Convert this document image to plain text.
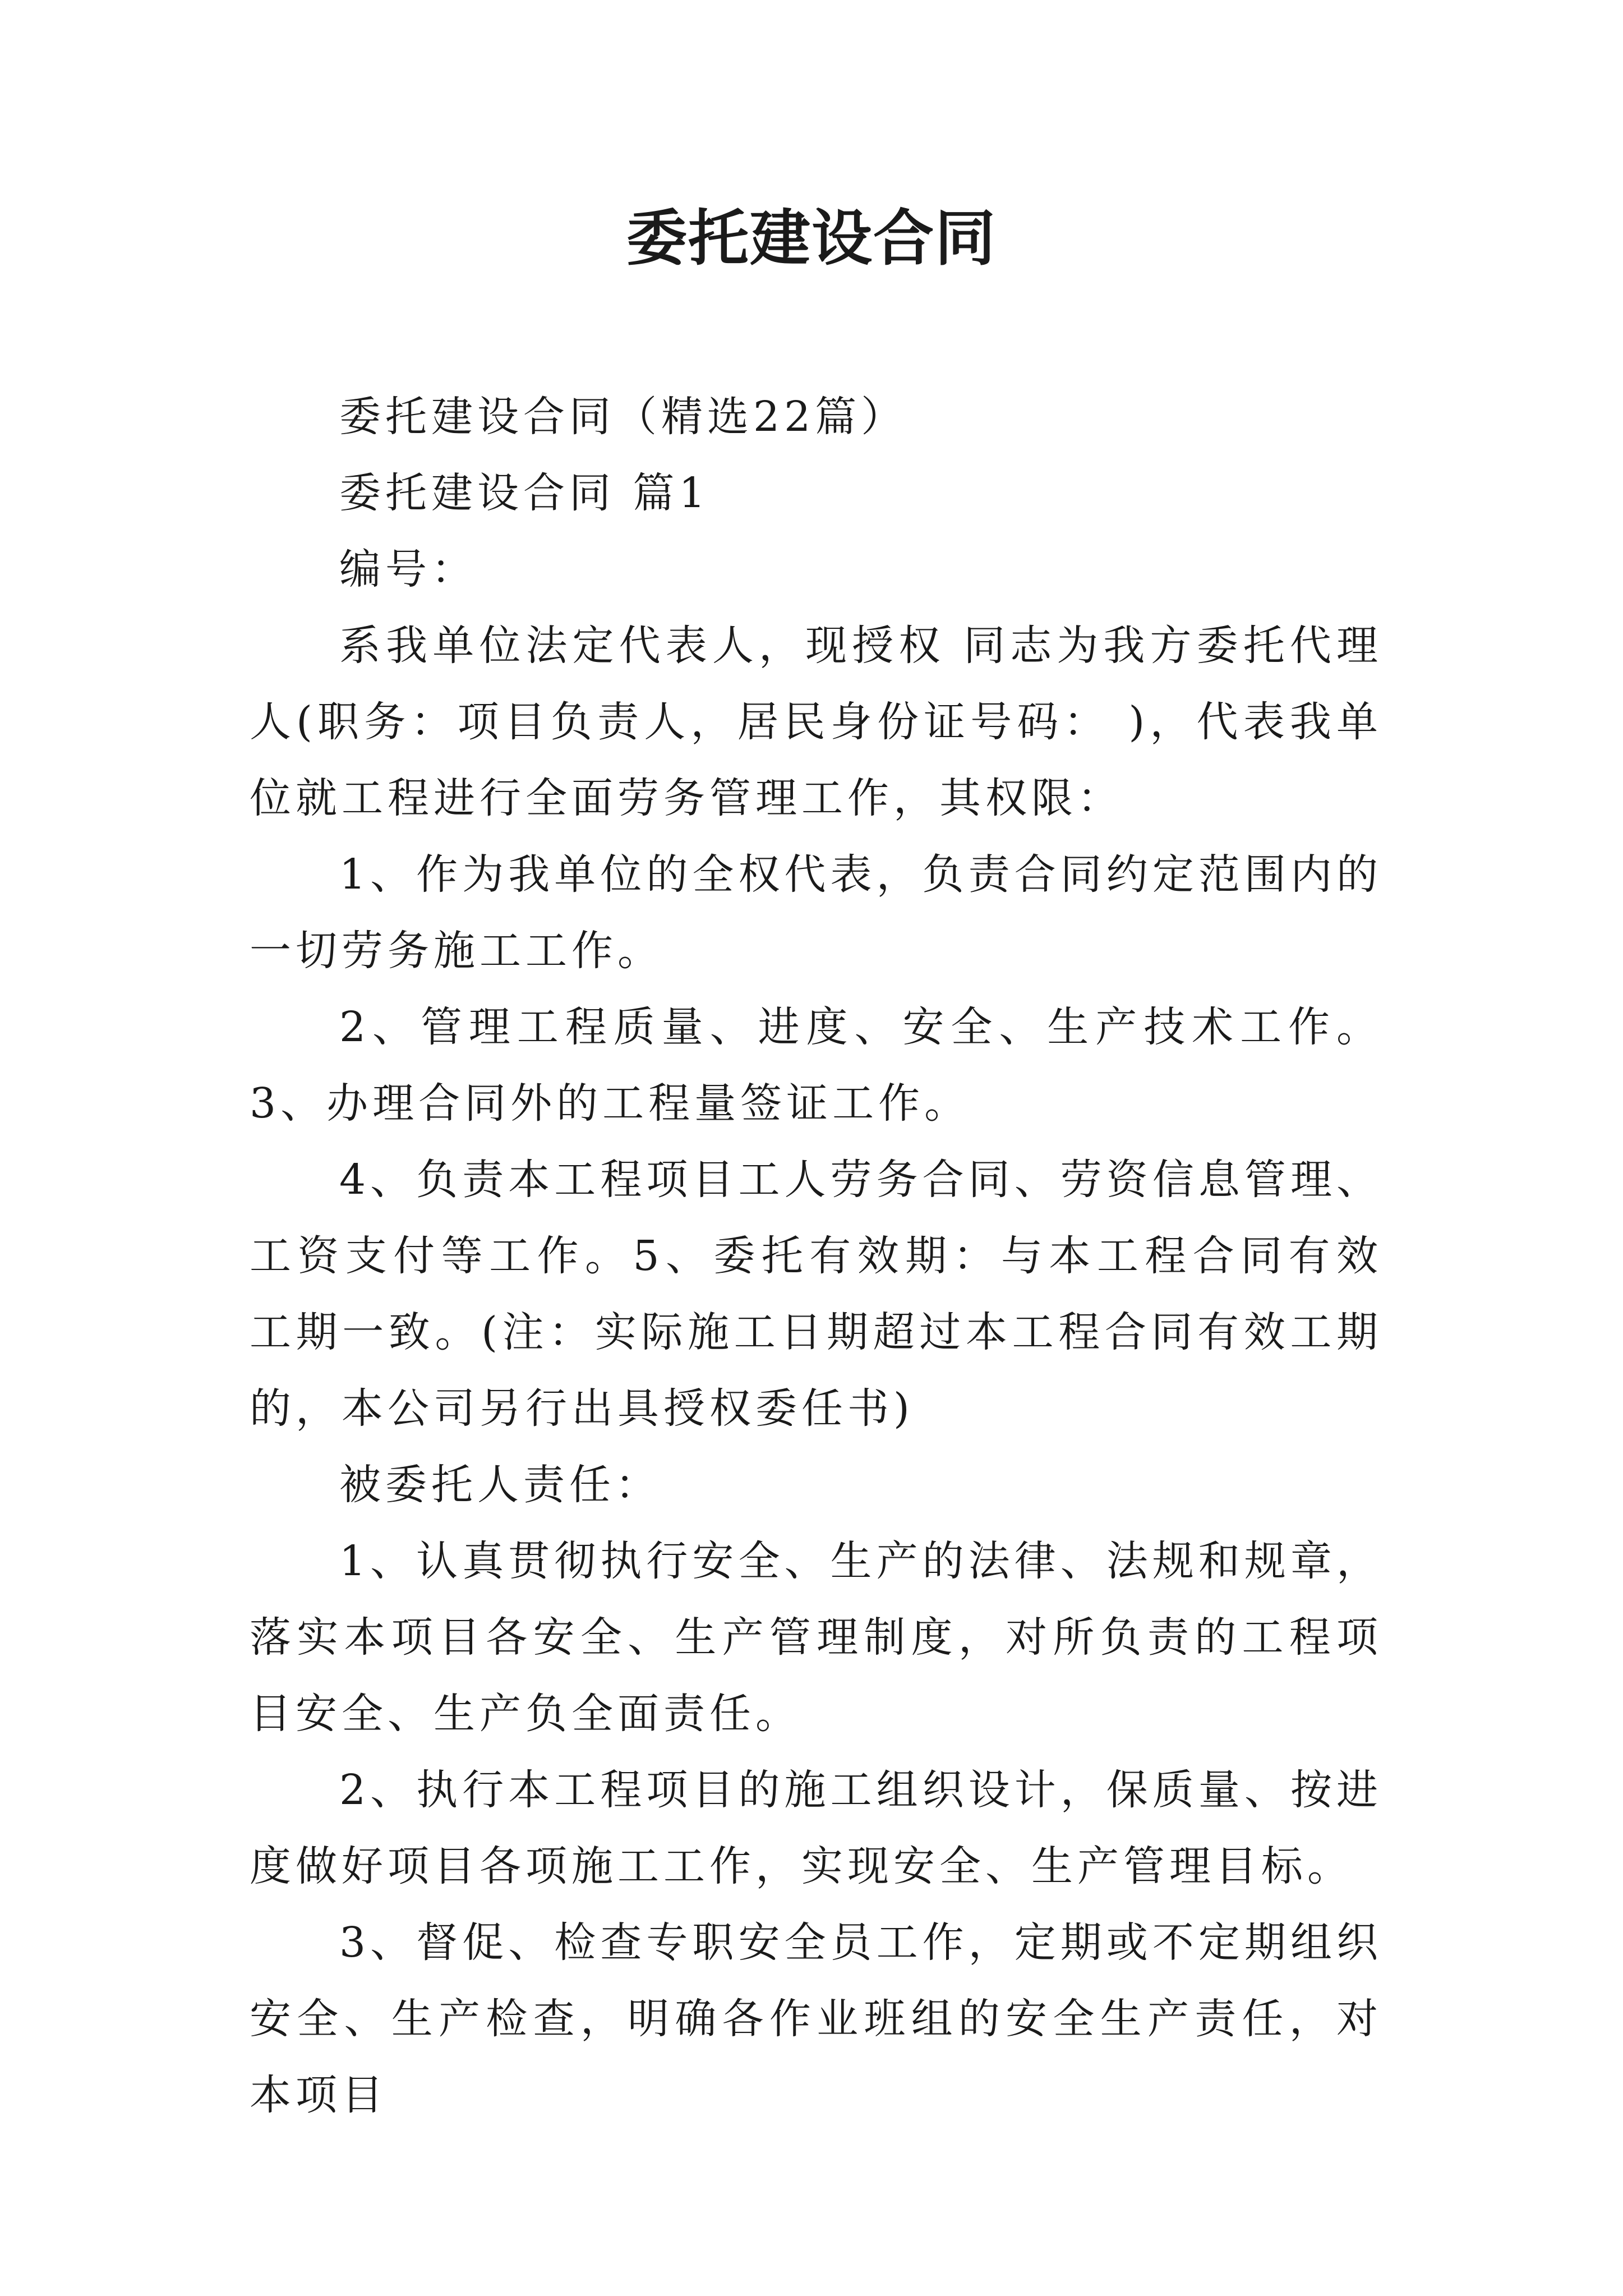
委托建设合同

委托建设合同（精选22篇）

委托建设合同 篇1

编号：

系我单位法定代表人，现授权 同志为我方委托代理人(职务：项目负责人，居民身份证号码： )，代表我单位就工程进行全面劳务管理工作，其权限：

1、作为我单位的全权代表，负责合同约定范围内的一切劳务施工工作。

2、管理工程质量、进度、安全、生产技术工作。 3、办理合同外的工程量签证工作。

4、负责本工程项目工人劳务合同、劳资信息管理、工资支付等工作。5、委托有效期：与本工程合同有效工期一致。(注：实际施工日期超过本工程合同有效工期的，本公司另行出具授权委任书)

被委托人责任：

1、认真贯彻执行安全、生产的法律、法规和规章，落实本项目各安全、生产管理制度，对所负责的工程项目安全、生产负全面责任。

2、执行本工程项目的施工组织设计，保质量、按进度做好项目各项施工工作，实现安全、生产管理目标。

3、督促、检查专职安全员工作，定期或不定期组织安全、生产检查，明确各作业班组的安全生产责任，对本项目
